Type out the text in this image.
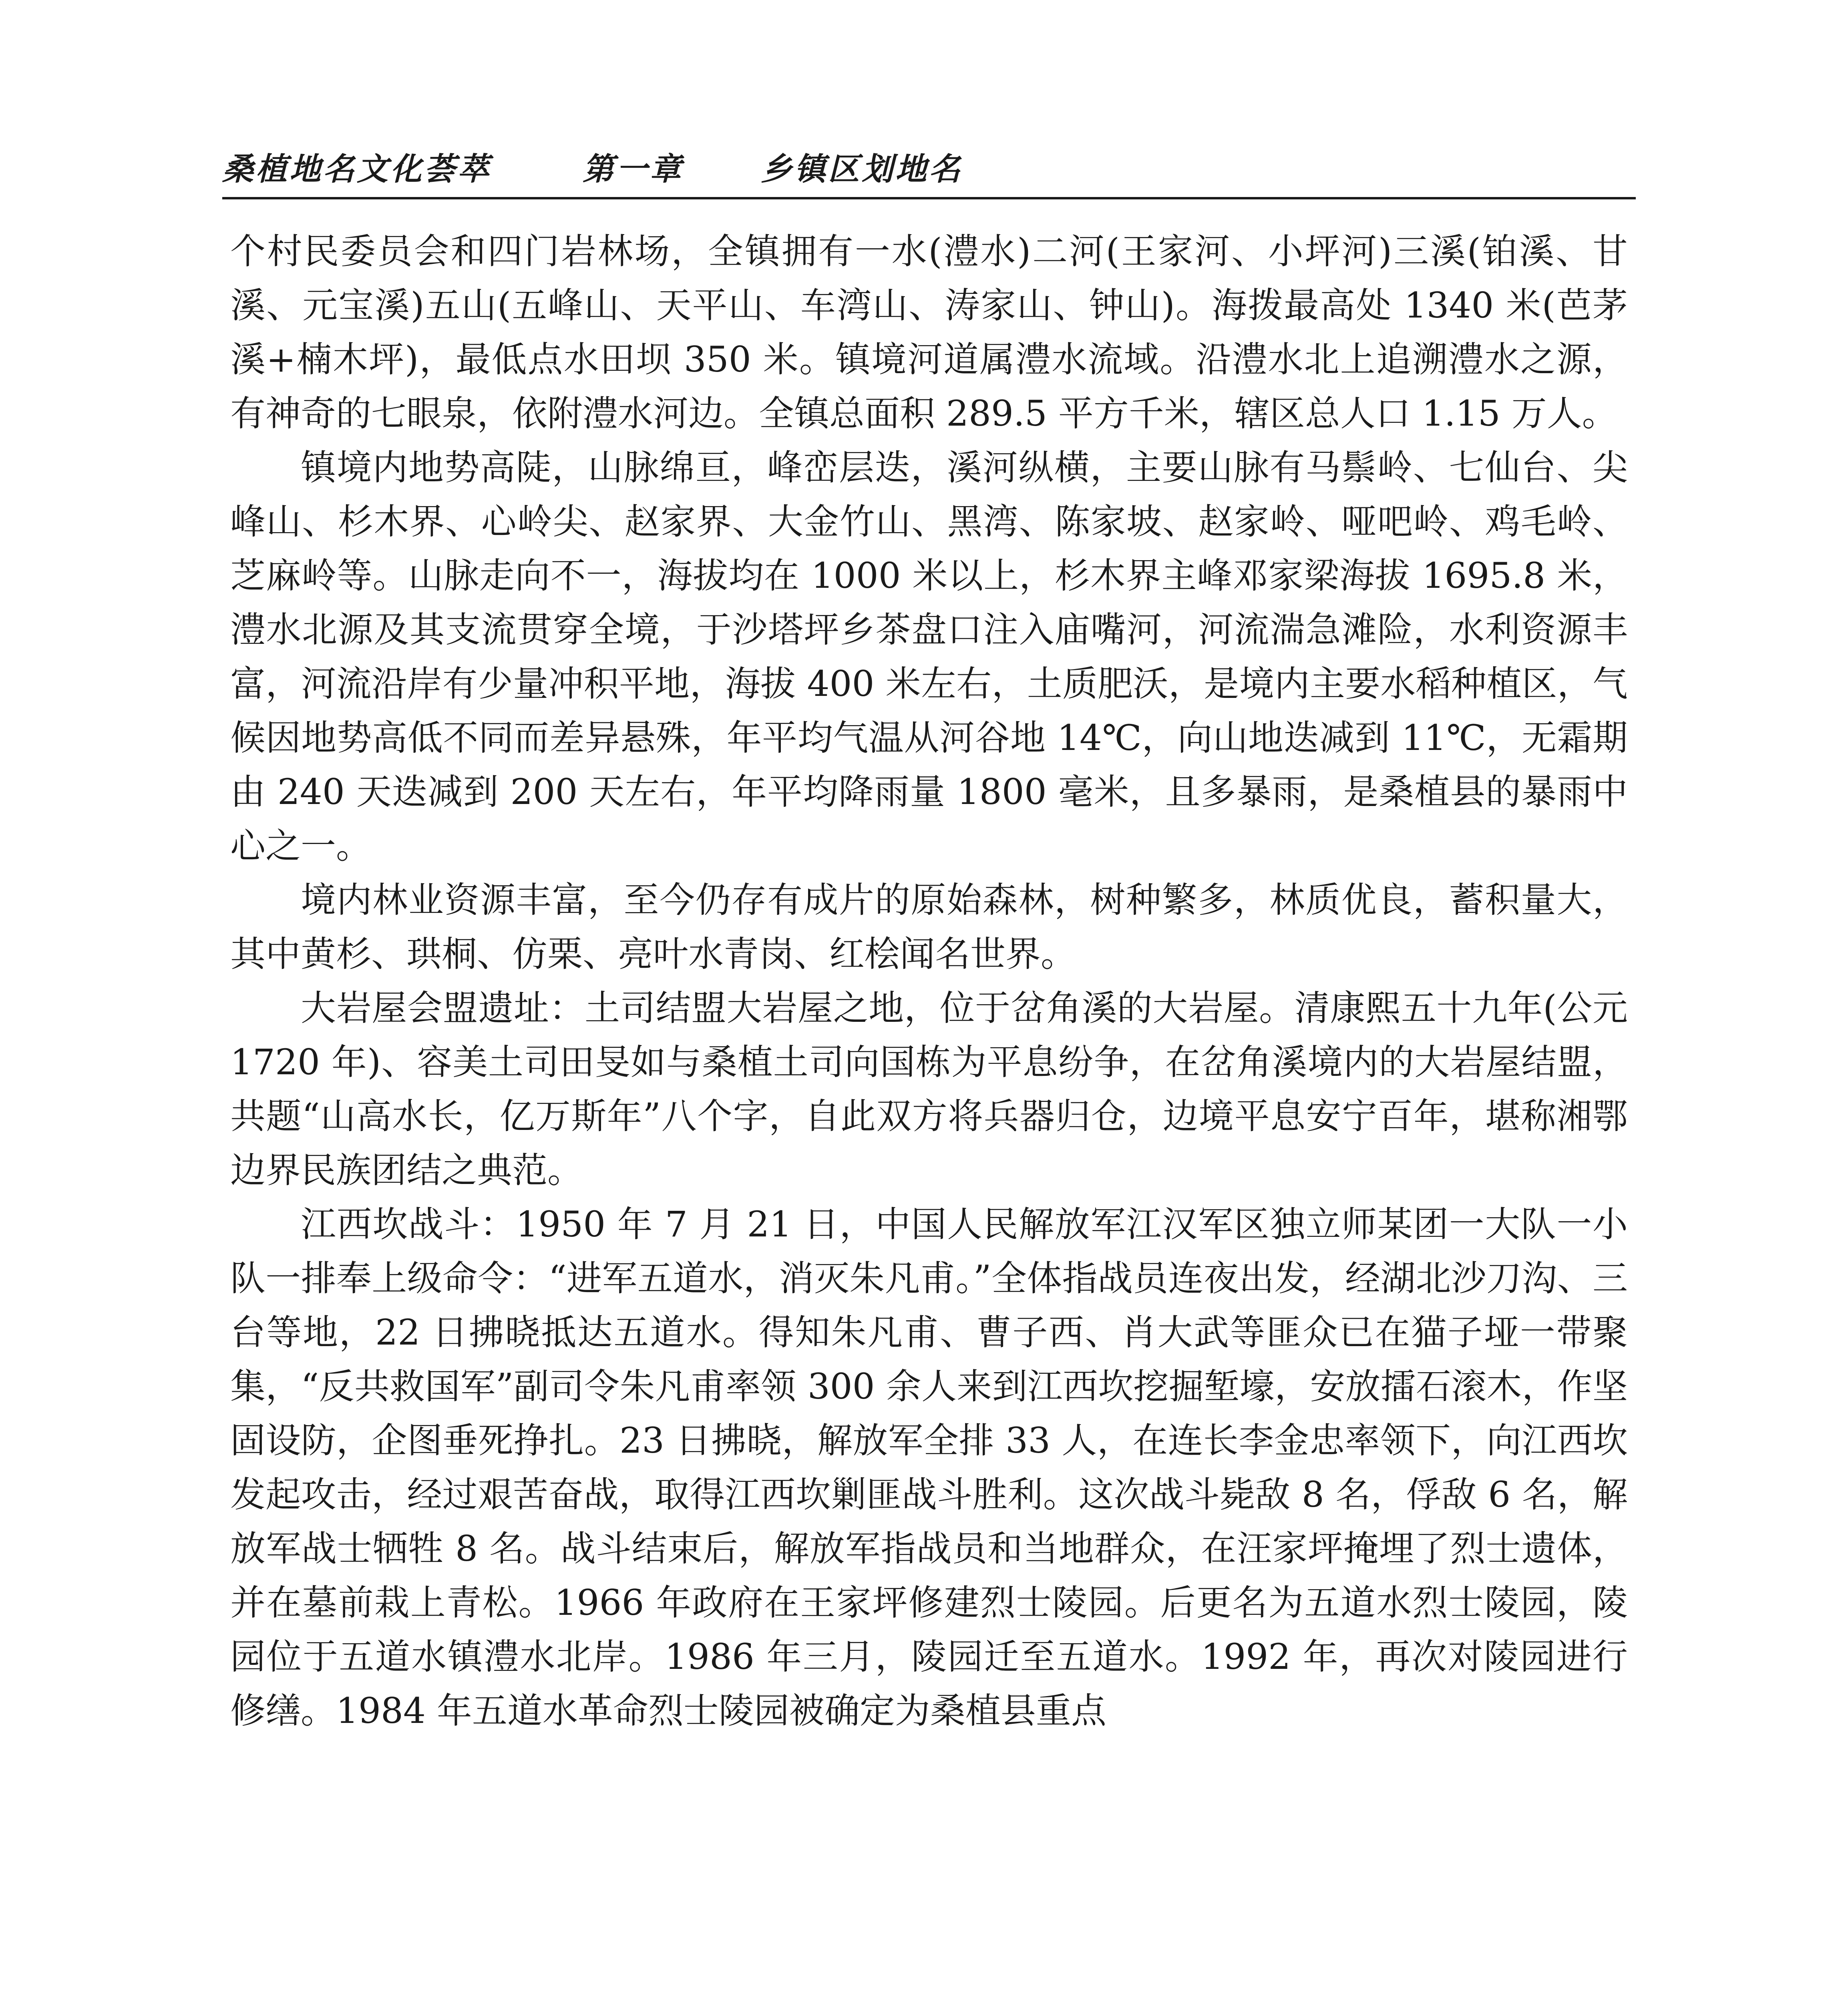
桑植地名文化荟萃	第一章 乡镇区划地名

个村民委员会和四门岩林场，全镇拥有一水(澧水)二河(王家河、小坪河)三溪(铂溪、甘溪、元宝溪)五山(五峰山、天平山、车湾山、涛家山、钟山)。海拨最高处 1340 米(芭茅溪+楠木坪)，最低点水田坝 350 米。镇境河道属澧水流域。沿澧水北上追溯澧水之源，有神奇的七眼泉，依附澧水河边。全镇总面积 289.5 平方千米，辖区总人口 1.15 万人。

镇境内地势高陡，山脉绵亘，峰峦层迭，溪河纵横，主要山脉有马鬃岭、七仙台、尖峰山、杉木界、心岭尖、赵家界、大金竹山、黑湾、陈家坡、赵家岭、哑吧岭、鸡毛岭、芝麻岭等。山脉走向不一，海拔均在 1000 米以上，杉木界主峰邓家梁海拔 1695.8 米，澧水北源及其支流贯穿全境，于沙塔坪乡茶盘口注入庙嘴河，河流湍急滩险，水利资源丰富，河流沿岸有少量冲积平地，海拔 400 米左右，土质肥沃，是境内主要水稻种植区，气候因地势高低不同而差异悬殊，年平均气温从河谷地 14℃，向山地迭减到 11℃，无霜期由 240 天迭减到 200 天左右，年平均降雨量 1800 毫米，且多暴雨，是桑植县的暴雨中心之一。

境内林业资源丰富，至今仍存有成片的原始森林，树种繁多，林质优良，蓄积量大，其中黄杉、珙桐、仿栗、亮叶水青岗、红桧闻名世界。

大岩屋会盟遗址：土司结盟大岩屋之地，位于岔角溪的大岩屋。清康熙五十九年(公元 1720 年)、容美土司田旻如与桑植土司向国栋为平息纷争，在岔角溪境内的大岩屋结盟，共题“山高水长，亿万斯年”八个字，自此双方将兵器归仓，边境平息安宁百年，堪称湘鄂边界民族团结之典范。

江西坎战斗：1950 年 7 月 21 日，中国人民解放军江汉军区独立师某团一大队一小队一排奉上级命令：“进军五道水，消灭朱凡甫。”全体指战员连夜出发，经湖北沙刀沟、三台等地，22 日拂晓抵达五道水。得知朱凡甫、曹子西、肖大武等匪众已在猫子垭一带聚集，“反共救国军”副司令朱凡甫率领 300 余人来到江西坎挖掘堑壕，安放擂石滚木，作坚固设防，企图垂死挣扎。23 日拂晓，解放军全排 33 人，在连长李金忠率领下，向江西坎发起攻击，经过艰苦奋战，取得江西坎剿匪战斗胜利。这次战斗毙敌 8 名，俘敌 6 名，解放军战士牺牲 8 名。战斗结束后，解放军指战员和当地群众，在汪家坪掩埋了烈士遗体，并在墓前栽上青松。1966 年政府在王家坪修建烈士陵园。后更名为五道水烈士陵园，陵园位于五道水镇澧水北岸。1986 年三月，陵园迁至五道水。1992 年，再次对陵园进行修缮。1984 年五道水革命烈士陵园被确定为桑植县重点
